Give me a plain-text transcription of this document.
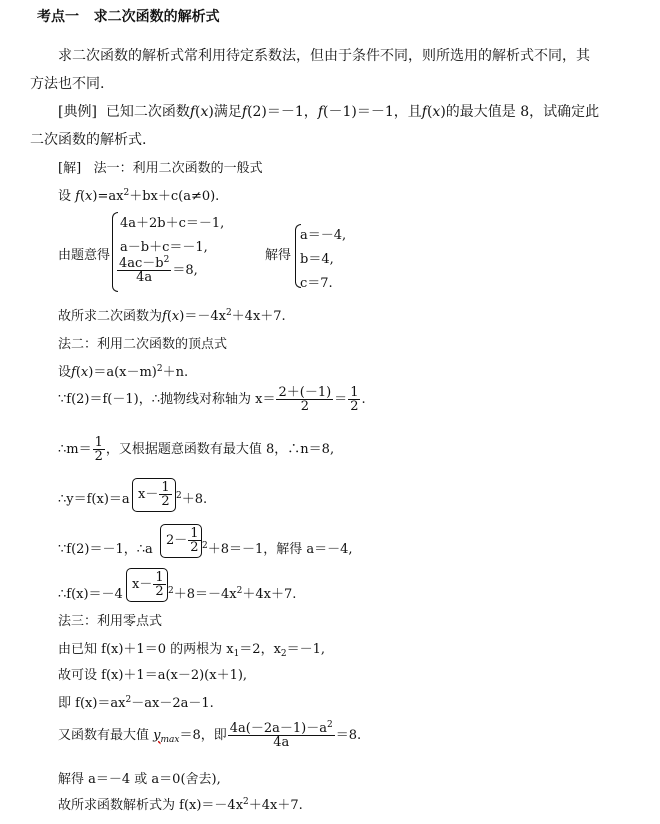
考点一 求二次函数的解析式
求二次函数的解析式常利用待定系数法，但由于条件不同，则所选用的解析式不同，其
方法也不同.
[典例] 已知二次函数f(x)满足f(2)＝－1，f(－1)＝－1，且f(x)的最大值是 8，试确定此
二次函数的解析式.
[解] 法一：利用二次函数的一般式
设 $f(x)=ax^2+bx+c(a\ne 0)$.
4a＋2b＋c＝－1,
a－b＋c＝－1,
$\frac{4ac-b^2}{4a} =8$,
由题意得	解得
a＝－4,
b＝4,
c＝7.
故所求二次函数为$f(x)=-4x^2+4x+7$.
法二：利用二次函数的顶点式
设$f(x)=a(x-m)^2+n$.
∵f(2)＝f(－1)，∴抛物线对称轴为 $x= \frac{2+(-1)}{2} = \frac{1}{2}$ .
∴m＝ $\frac{1}{2}$ ，又根据题意函数有最大值 8，∴n＝8,
∴y＝f(x)＝a $x- \frac{1}{2} ^2+8$.
∵f(2)＝－1，∴a
$2- \frac{1}{2} ^2+8=-1$，解得 a＝－4,
∴f(x)＝－4
$x- \frac{1}{2} ^2+8=-4x^2+4x+7$.
法三：利用零点式
由已知 f(x)＋1＝0 的两根为 $x_1=2$，$x_2=-1$,
故可设 f(x)＋1＝a(x－2)(x＋1),
即 $f(x)=ax^2-ax-2a-1$.
又函数有最大值 $y_{max}=8$，即 $\frac{4a(-2a-1)-a^2}{4a} =8$.
解得 a＝－4 或 a＝0(舍去),
故所求函数解析式为 $f(x)=-4x^2+4x+7$.
